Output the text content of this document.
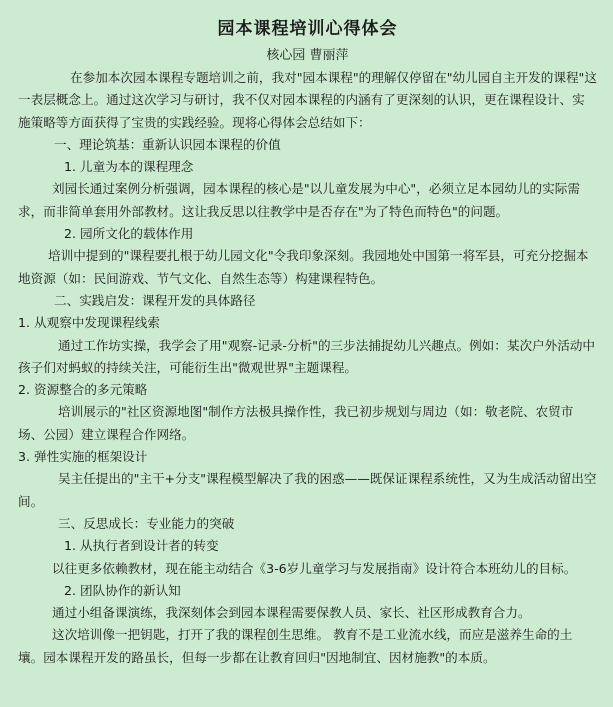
园本课程培训心得体会
核心园 曹丽萍

在参加本次园本课程专题培训之前，我对"园本课程"的理解仅停留在"幼儿园自主开发的课程"这一表层概念上。通过这次学习与研讨，我不仅对园本课程的内涵有了更深刻的认识，更在课程设计、实施策略等方面获得了宝贵的实践经验。现将心得体会总结如下：

一、理论筑基：重新认识园本课程的价值

1. 儿童为本的课程理念

刘园长通过案例分析强调，园本课程的核心是"以儿童发展为中心"，必须立足本园幼儿的实际需求，而非简单套用外部教材。这让我反思以往教学中是否存在"为了特色而特色"的问题。

2. 园所文化的载体作用

培训中提到的"课程要扎根于幼儿园文化"令我印象深刻。我园地处中国第一将军县，可充分挖掘本地资源（如：民间游戏、节气文化、自然生态等）构建课程特色。

二、实践启发：课程开发的具体路径

1. 从观察中发现课程线索

通过工作坊实操，我学会了用"观察-记录-分析"的三步法捕捉幼儿兴趣点。例如：某次户外活动中孩子们对蚂蚁的持续关注，可能衍生出"微观世界"主题课程。

2. 资源整合的多元策略

培训展示的"社区资源地图"制作方法极具操作性，我已初步规划与周边（如：敬老院、农贸市场、公园）建立课程合作网络。

3. 弹性实施的框架设计

吴主任提出的"主干+分支"课程模型解决了我的困惑——既保证课程系统性，又为生成活动留出空间。

三、反思成长：专业能力的突破

1. 从执行者到设计者的转变

以往更多依赖教材，现在能主动结合《3-6岁儿童学习与发展指南》设计符合本班幼儿的目标。

2. 团队协作的新认知

通过小组备课演练，我深刻体会到园本课程需要保教人员、家长、社区形成教育合力。

这次培训像一把钥匙，打开了我的课程创生思维。 教育不是工业流水线，而应是滋养生命的土壤。园本课程开发的路虽长，但每一步都在让教育回归"因地制宜、因材施教"的本质。
